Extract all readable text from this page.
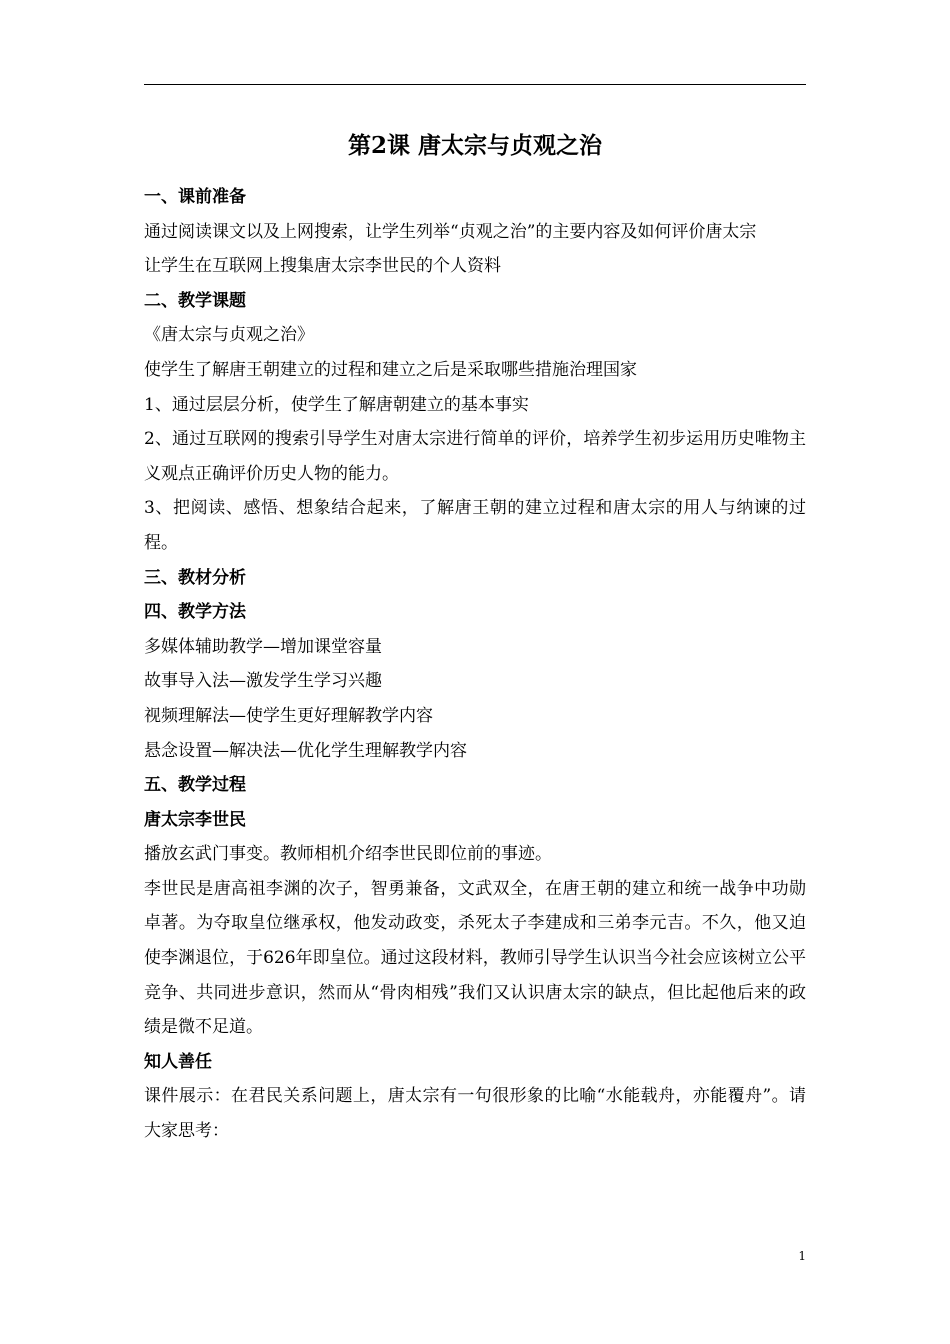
第2课 唐太宗与贞观之治

一、课前准备

通过阅读课文以及上网搜索，让学生列举“贞观之治”的主要内容及如何评价唐太宗

让学生在互联网上搜集唐太宗李世民的个人资料

二、教学课题

《唐太宗与贞观之治》

使学生了解唐王朝建立的过程和建立之后是采取哪些措施治理国家

1、通过层层分析，使学生了解唐朝建立的基本事实

2、通过互联网的搜索引导学生对唐太宗进行简单的评价，培养学生初步运用历史唯物主义观点正确评价历史人物的能力。

3、把阅读、感悟、想象结合起来，了解唐王朝的建立过程和唐太宗的用人与纳谏的过程。

三、教材分析

四、教学方法

多媒体辅助教学—增加课堂容量

故事导入法—激发学生学习兴趣

视频理解法—使学生更好理解教学内容

悬念设置—解决法—优化学生理解教学内容

五、教学过程

唐太宗李世民

播放玄武门事变。教师相机介绍李世民即位前的事迹。

李世民是唐高祖李渊的次子，智勇兼备，文武双全，在唐王朝的建立和统一战争中功勋卓著。为夺取皇位继承权，他发动政变，杀死太子李建成和三弟李元吉。不久，他又迫使李渊退位，于626年即皇位。通过这段材料，教师引导学生认识当今社会应该树立公平竞争、共同进步意识，然而从“骨肉相残”我们又认识唐太宗的缺点，但比起他后来的政绩是微不足道。

知人善任

课件展示：在君民关系问题上，唐太宗有一句很形象的比喻“水能载舟，亦能覆舟”。请大家思考：

1
